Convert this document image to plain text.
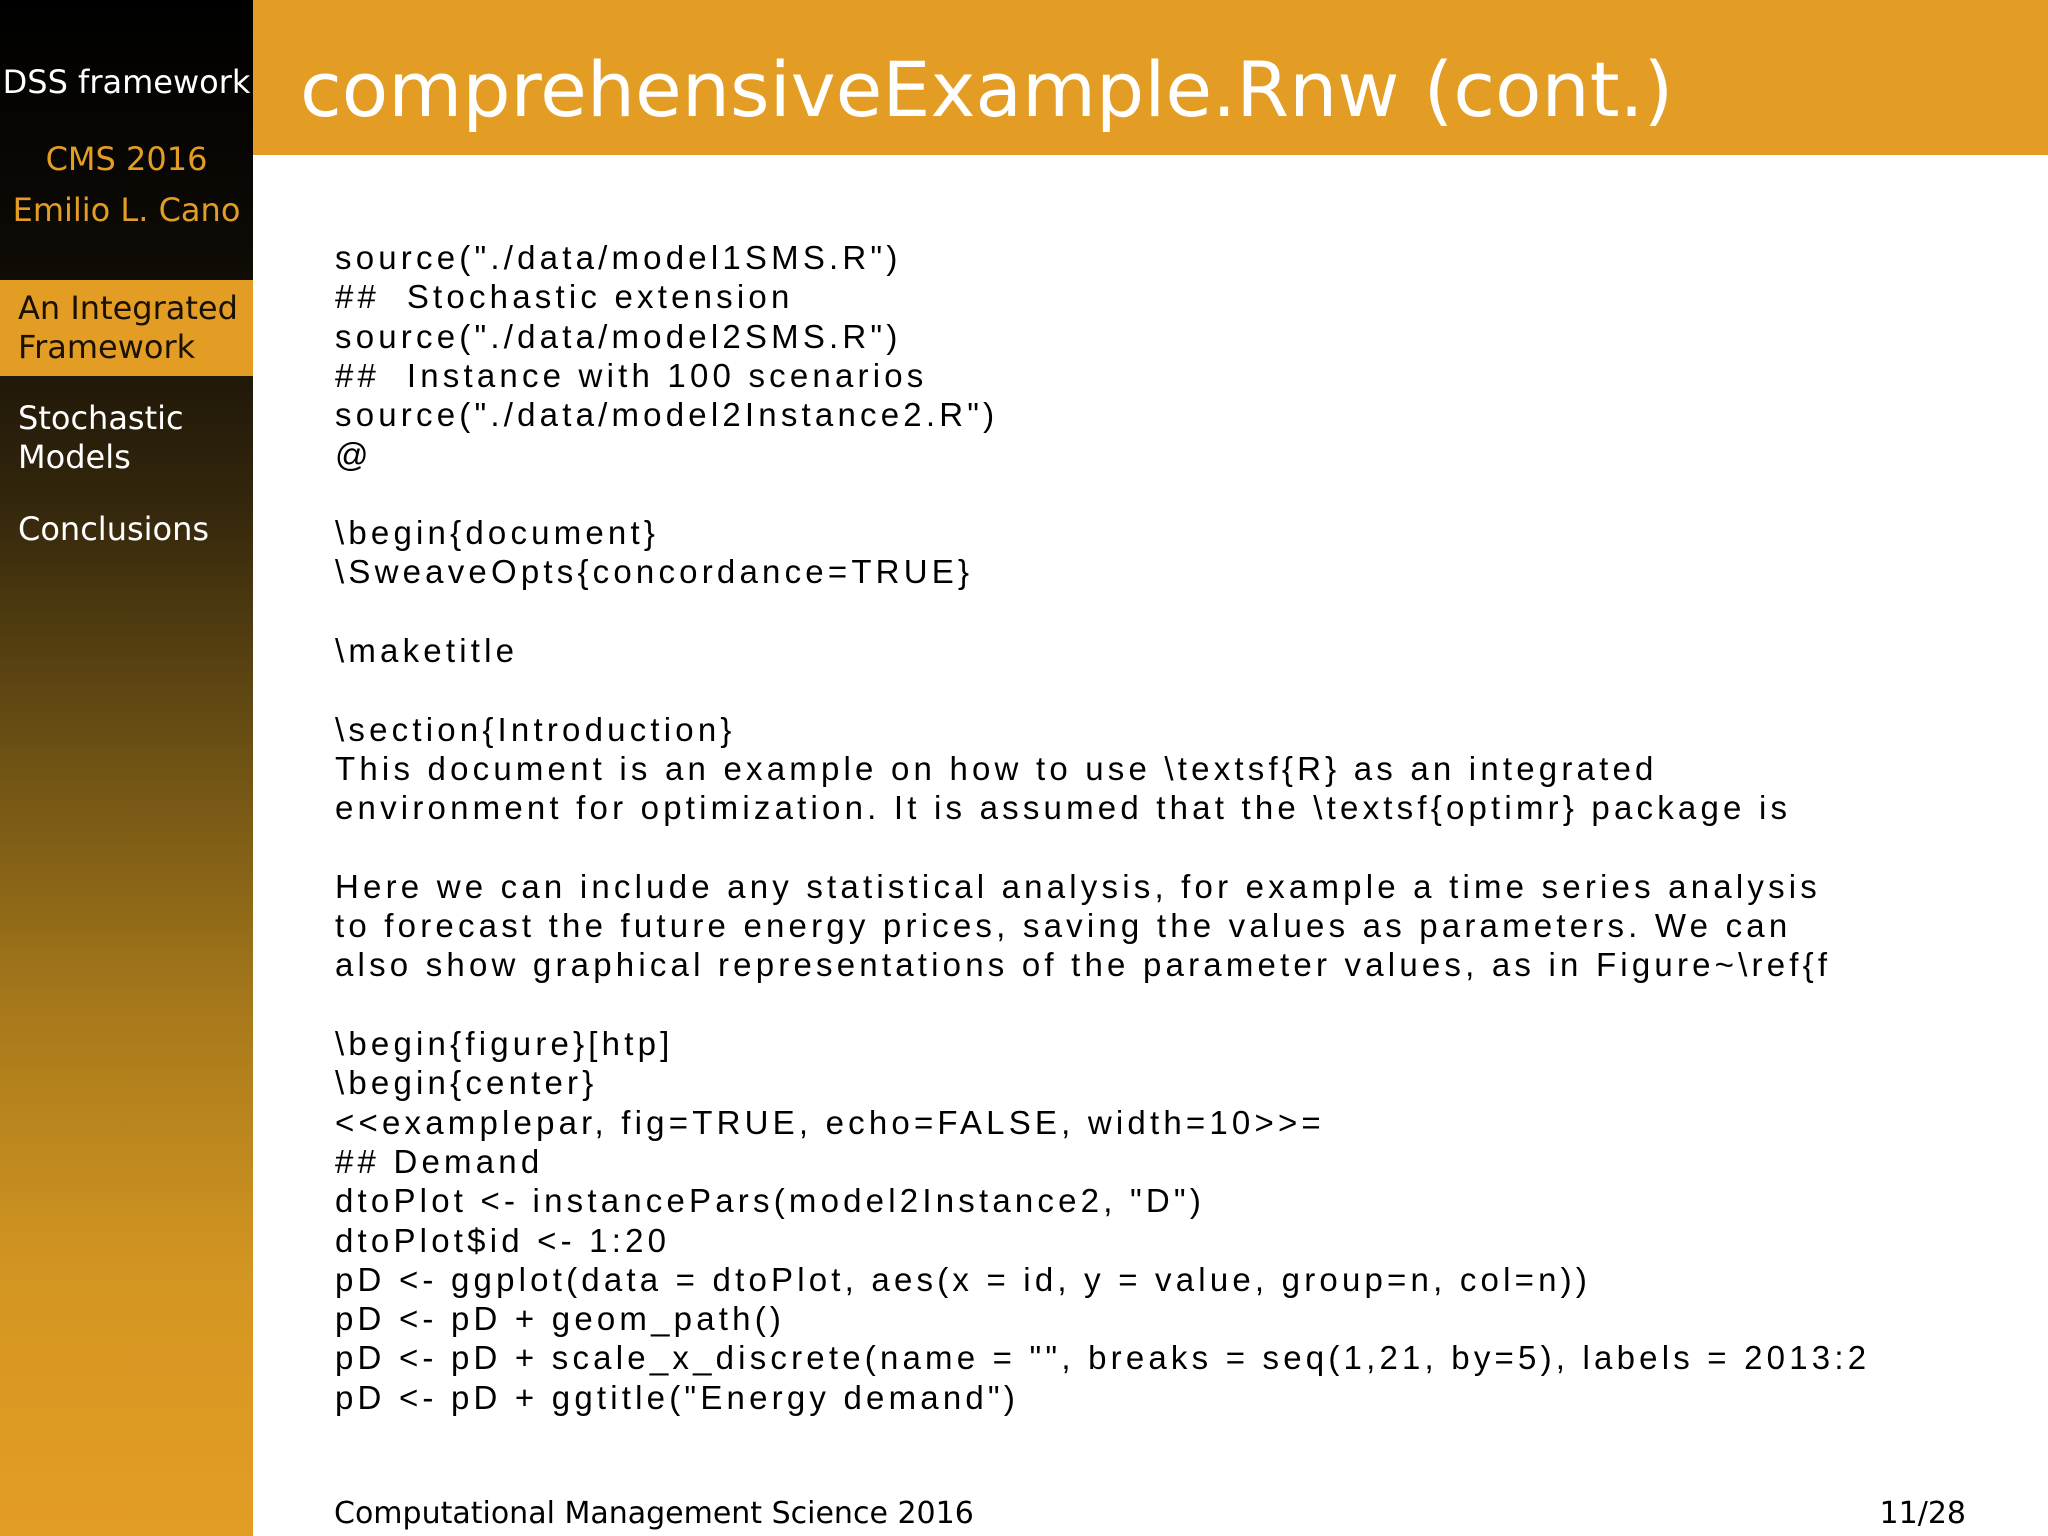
DSS framework
CMS 2016
Emilio L. Cano
An Integrated
Framework
Stochastic
Models
Conclusions
comprehensiveExample.Rnw (cont.)
source("./data/model1SMS.R")
##  Stochastic extension
source("./data/model2SMS.R")
##  Instance with 100 scenarios
source("./data/model2Instance2.R")
@
\begin{document}
\SweaveOpts{concordance=TRUE}
\maketitle
\section{Introduction}
This document is an example on how to use \textsf{R} as an integrated
environment for optimization. It is assumed that the \textsf{optimr} package is
Here we can include any statistical analysis, for example a time series analysis
to forecast the future energy prices, saving the values as parameters. We can
also show graphical representations of the parameter values, as in Figure~\ref{f
\begin{figure}[htp]
\begin{center}
<<examplepar, fig=TRUE, echo=FALSE, width=10>>=
## Demand
dtoPlot <- instancePars(model2Instance2, "D")
dtoPlot$id <- 1:20
pD <- ggplot(data = dtoPlot, aes(x = id, y = value, group=n, col=n))
pD <- pD + geom_path()
pD <- pD + scale_x_discrete(name = "", breaks = seq(1,21, by=5), labels = 2013:2
pD <- pD + ggtitle("Energy demand")
Computational Management Science 2016	11/28
